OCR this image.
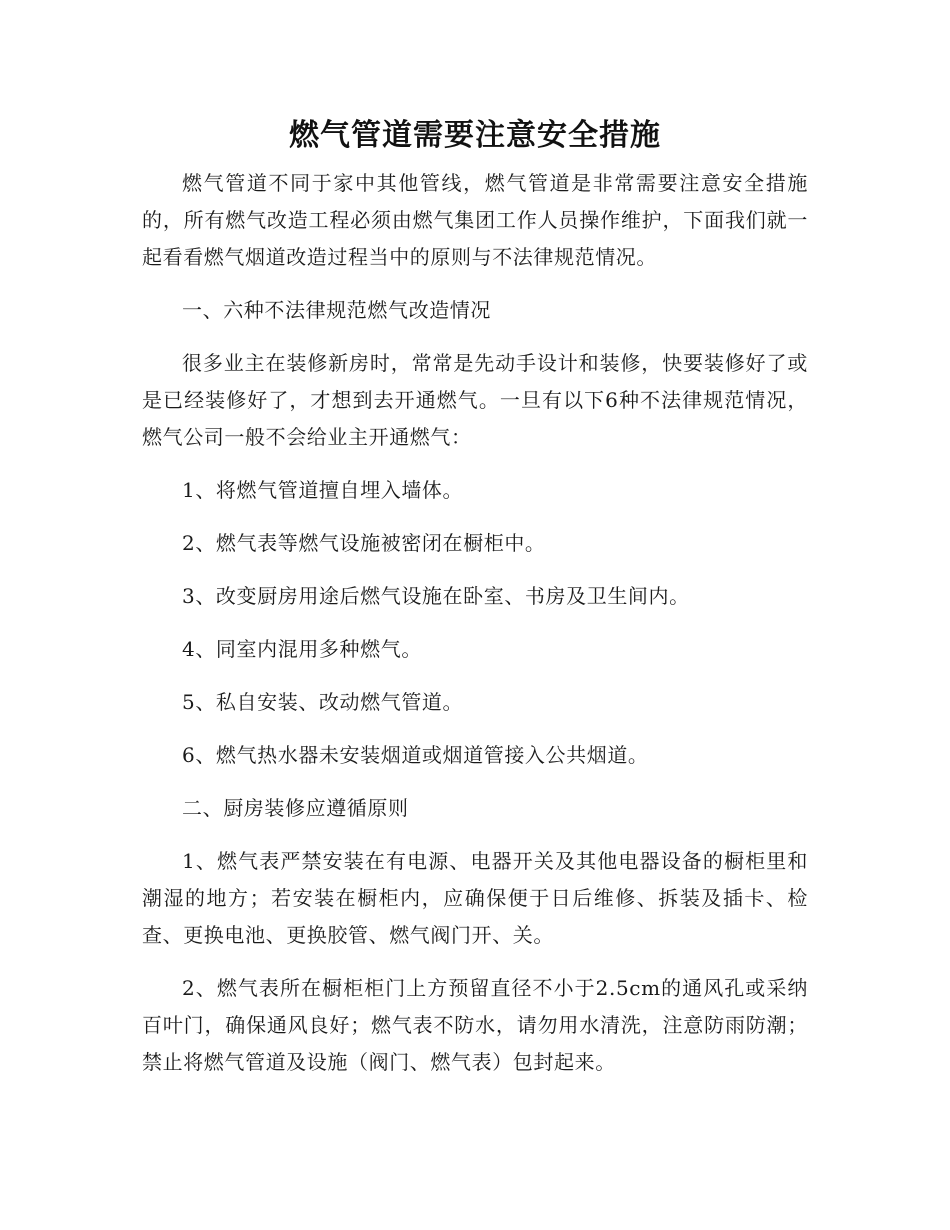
燃气管道需要注意安全措施

燃气管道不同于家中其他管线，燃气管道是非常需要注意安全措施的，所有燃气改造工程必须由燃气集团工作人员操作维护，下面我们就一起看看燃气烟道改造过程当中的原则与不法律规范情况。

一、六种不法律规范燃气改造情况

很多业主在装修新房时，常常是先动手设计和装修，快要装修好了或是已经装修好了，才想到去开通燃气。一旦有以下6种不法律规范情况，燃气公司一般不会给业主开通燃气：

1、将燃气管道擅自埋入墙体。

2、燃气表等燃气设施被密闭在橱柜中。

3、改变厨房用途后燃气设施在卧室、书房及卫生间内。

4、同室内混用多种燃气。

5、私自安装、改动燃气管道。

6、燃气热水器未安装烟道或烟道管接入公共烟道。

二、厨房装修应遵循原则

1、燃气表严禁安装在有电源、电器开关及其他电器设备的橱柜里和潮湿的地方；若安装在橱柜内，应确保便于日后维修、拆装及插卡、检查、更换电池、更换胶管、燃气阀门开、关。

2、燃气表所在橱柜柜门上方预留直径不小于2.5cm的通风孔或采纳百叶门，确保通风良好；燃气表不防水，请勿用水清洗，注意防雨防潮；禁止将燃气管道及设施（阀门、燃气表）包封起来。
